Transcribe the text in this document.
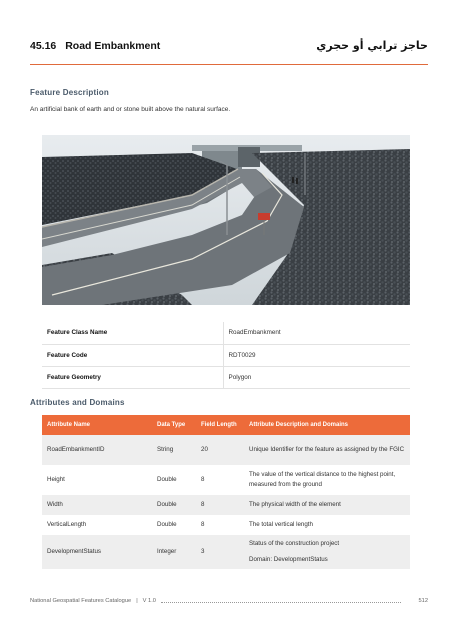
45.16 Road Embankment	حاجز ترابي أو حجري
Feature Description
An artificial bank of earth and or stone built above the natural surface.
Feature Class Name	RoadEmbankment
Feature Code	RDT0029
Feature Geometry	Polygon
Attributes and Domains
Attribute Name	Data Type	Field Length	Attribute Description and Domains
RoadEmbankmentID	String	20	Unique Identifier for the feature as assigned by the FGIC
Height	Double	8	The value of the vertical distance to the highest point, measured from the ground
Width	Double	8	The physical width of the element
VerticalLength	Double	8	The total vertical length
DevelopmentStatus	Integer	3	Status of the construction project
Domain: DevelopmentStatus
National Geospatial Features Catalogue | V 1.0	512
